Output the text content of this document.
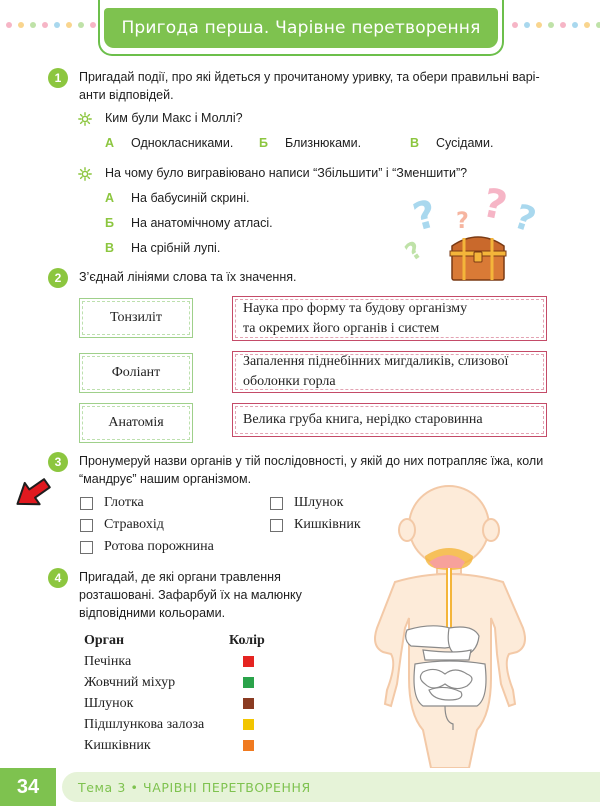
Пригода перша. Чарівне перетворення
1	Пригадай події, про які йдеться у прочитаному уривку, та обери правильні варі-
анти відповідей.
Ким були Макс і Моллі?
А Однокласниками. Б Близнюками.	В Сусідами.
На чому було вигравіювано написи “Збільшити” і “Зменшити”?
А На бабусиній скрині.
Б На анатомічному атласі.
В На срібній лупі.
? ? ?
?
?
2	З’єднай лініями слова та їх значення.
Тонзиліт
Фоліант
Анатомія
Наука про форму та будову організму
та окремих його органів і систем
Запалення піднебінних мигдаликів, слизової
оболонки горла
Велика груба книга, нерідко старовинна
3	Пронумеруй назви органів у тій послідовності, у якій до них потрапляє їжа, коли
“мандрує” нашим організмом.
Глотка
Стравохід
Ротова порожнина
Шлунок
Кишківник
4	Пригадай, де які органи травлення
розташовані. Зафарбуй їх на малюнку
відповідними кольорами.
Орган	Колір
Печінка
Жовчний міхур
Шлунок
Підшлункова залоза
Кишківник
34	Тема 3 • ЧАРІВНІ ПЕРЕТВОРЕННЯ
